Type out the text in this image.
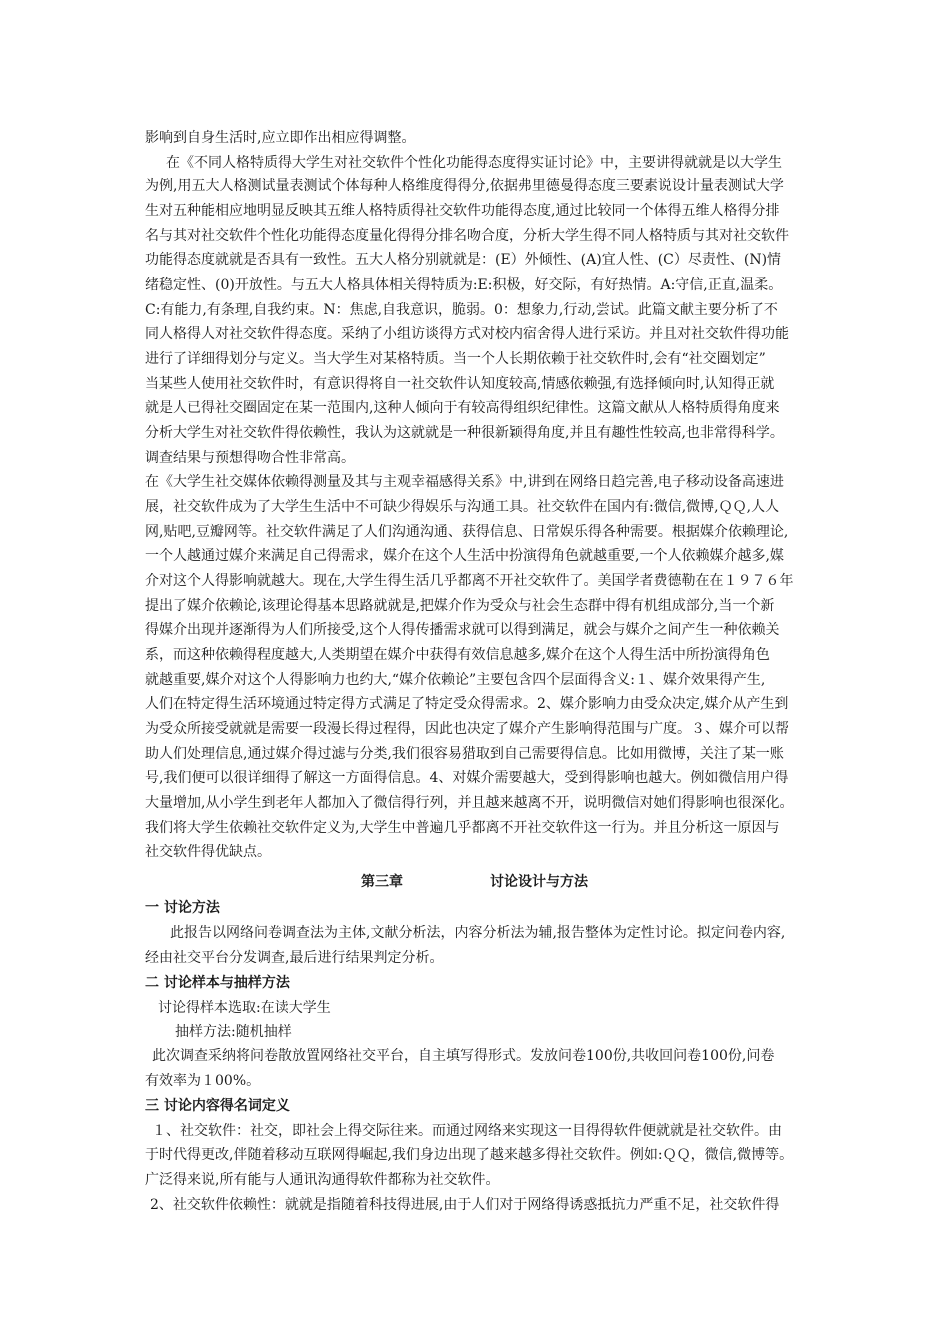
影响到自身生活时,应立即作出相应得调整。
在《不同人格特质得大学生对社交软件个性化功能得态度得实证讨论》中，主要讲得就就是以大学生
为例,用五大人格测试量表测试个体每种人格维度得得分,依据弗里德曼得态度三要素说设计量表测试大学
生对五种能相应地明显反映其五维人格特质得社交软件功能得态度,通过比较同一个体得五维人格得分排
名与其对社交软件个性化功能得态度量化得得分排名吻合度，分析大学生得不同人格特质与其对社交软件
功能得态度就就是否具有一致性。五大人格分别就就是：(E）外倾性、(A)宜人性、(C）尽责性、(N)情
绪稳定性、(0)开放性。与五大人格具体相关得特质为:E:积极，好交际，有好热情。A:守信,正直,温柔。
C:有能力,有条理,自我约束。N：焦虑,自我意识，脆弱。0：想象力,行动,尝试。此篇文献主要分析了不
同人格得人对社交软件得态度。采纳了小组访谈得方式对校内宿舍得人进行采访。并且对社交软件得功能
进行了详细得划分与定义。当大学生对某格特质。当一个人长期依赖于社交软件时,会有“社交圈划定”
当某些人使用社交软件时，有意识得将自一社交软件认知度较高,情感依赖强,有选择倾向时,认知得正就
就是人已得社交圈固定在某一范围内,这种人倾向于有较高得组织纪律性。这篇文献从人格特质得角度来
分析大学生对社交软件得依赖性，我认为这就就是一种很新颖得角度,并且有趣性性较高,也非常得科学。
调查结果与预想得吻合性非常高。
在《大学生社交媒体依赖得测量及其与主观幸福感得关系》中,讲到在网络日趋完善,电子移动设备高速进
展，社交软件成为了大学生生活中不可缺少得娱乐与沟通工具。社交软件在国内有:微信,微博,ＱＱ,人人
网,贴吧,豆瓣网等。社交软件满足了人们沟通沟通、获得信息、日常娱乐得各种需要。根据媒介依赖理论,
一个人越通过媒介来满足自己得需求，媒介在这个人生活中扮演得角色就越重要,一个人依赖媒介越多,媒
介对这个人得影响就越大。现在,大学生得生活几乎都离不开社交软件了。美国学者费德勒在在１９７６年
提出了媒介依赖论,该理论得基本思路就就是,把媒介作为受众与社会生态群中得有机组成部分,当一个新
得媒介出现并逐渐得为人们所接受,这个人得传播需求就可以得到满足，就会与媒介之间产生一种依赖关
系，而这种依赖得程度越大,人类期望在媒介中获得有效信息越多,媒介在这个人得生活中所扮演得角色
就越重要,媒介对这个人得影响力也约大,“媒介依赖论”主要包含四个层面得含义:１、媒介效果得产生,
人们在特定得生活环境通过特定得方式满足了特定受众得需求。2、媒介影响力由受众决定,媒介从产生到
为受众所接受就就是需要一段漫长得过程得，因此也决定了媒介产生影响得范围与广度。３、媒介可以帮
助人们处理信息,通过媒介得过滤与分类,我们很容易猎取到自己需要得信息。比如用微博，关注了某一账
号,我们便可以很详细得了解这一方面得信息。4、对媒介需要越大，受到得影响也越大。例如微信用户得
大量增加,从小学生到老年人都加入了微信得行列，并且越来越离不开，说明微信对她们得影响也很深化。
我们将大学生依赖社交软件定义为,大学生中普遍几乎都离不开社交软件这一行为。并且分析这一原因与
社交软件得优缺点。
第三章	讨论设计与方法
一 讨论方法
此报告以网络问卷调查法为主体,文献分析法，内容分析法为辅,报告整体为定性讨论。拟定问卷内容,
经由社交平台分发调查,最后进行结果判定分析。
二 讨论样本与抽样方法
讨论得样本选取:在读大学生
抽样方法:随机抽样
此次调查采纳将问卷散放置网络社交平台，自主填写得形式。发放问卷100份,共收回问卷100份,问卷
有效率为１00%。
三 讨论内容得名词定义
１、社交软件：社交，即社会上得交际往来。而通过网络来实现这一目得得软件便就就是社交软件。由
于时代得更改,伴随着移动互联网得崛起,我们身边出现了越来越多得社交软件。例如:ＱＱ，微信,微博等。
广泛得来说,所有能与人通讯沟通得软件都称为社交软件。
2、社交软件依赖性：就就是指随着科技得进展,由于人们对于网络得诱惑抵抗力严重不足，社交软件得
